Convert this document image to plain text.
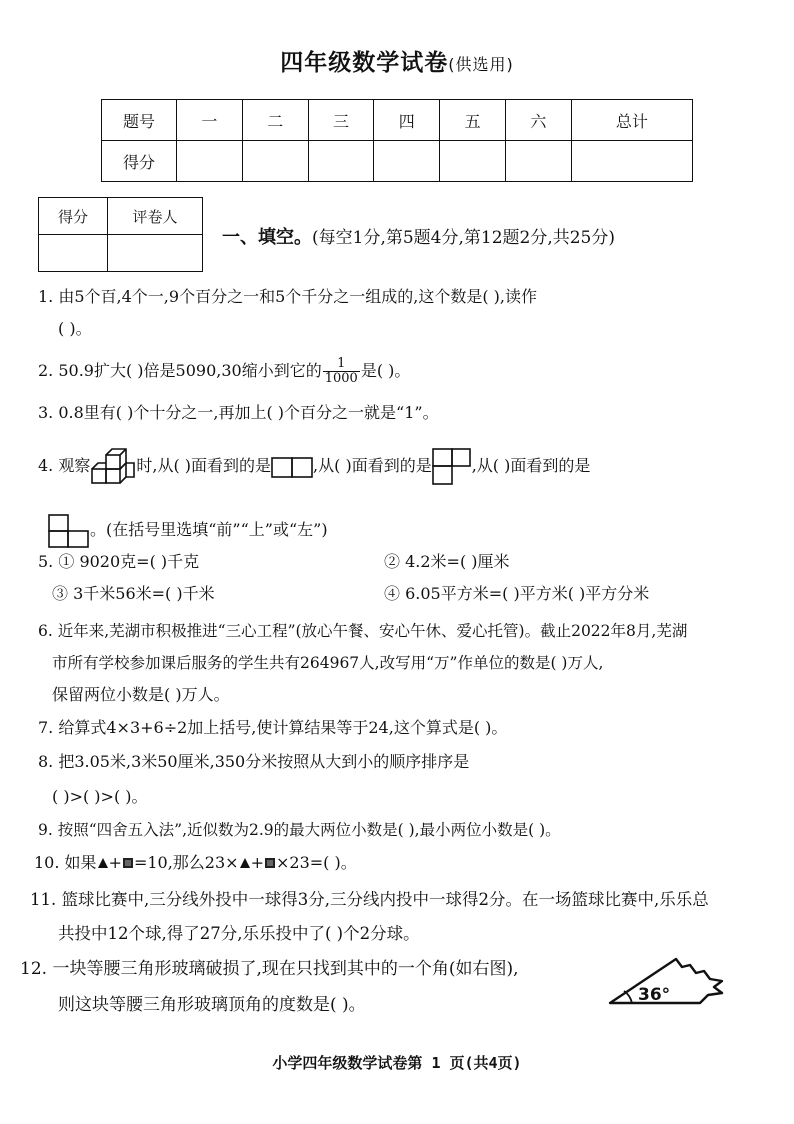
四年级数学试卷(供选用)
题号	一	二	三	四	五	六	总计
得分							
得分	评卷人

一、填空。(每空1分,第5题4分,第12题2分,共25分)
1. 由5个百,4个一,9个百分之一和5个千分之一组成的,这个数是( ),读作
( )。
2. 50.9扩大( )倍是5090,30缩小到它的 $\frac{1}{1000}$ 是( )。
3. 0.8里有( )个十分之一,再加上( )个百分之一就是“1”。
4. 观察	时,从( )面看到的是	,从( )面看到的是	,从( )面看到的是
。(在括号里选填“前”“上”或“左”)
5. ① 9020克=( )千克	② 4.2米=( )厘米
③ 3千米56米=( )千米	④ 6.05平方米=( )平方米( )平方分米
6. 近年来,芜湖市积极推进“三心工程”(放心午餐、安心午休、爱心托管)。截止2022年8月,芜湖
市所有学校参加课后服务的学生共有264967人,改写用“万”作单位的数是( )万人,
保留两位小数是( )万人。
7. 给算式4×3+6÷2加上括号,使计算结果等于24,这个算式是( )。
8. 把3.05米,3米50厘米,350分米按照从大到小的顺序排序是
( )>( )>( )。
9. 按照“四舍五入法”,近似数为2.9的最大两位小数是( ),最小两位小数是( )。
10. 如果 + =10,那么23× + ×23=( )。
11. 篮球比赛中,三分线外投中一球得3分,三分线内投中一球得2分。在一场篮球比赛中,乐乐总
共投中12个球,得了27分,乐乐投中了( )个2分球。
12. 一块等腰三角形玻璃破损了,现在只找到其中的一个角(如右图),
则这块等腰三角形玻璃顶角的度数是( )。	36°
小学四年级数学试卷第 1 页(共4页)
